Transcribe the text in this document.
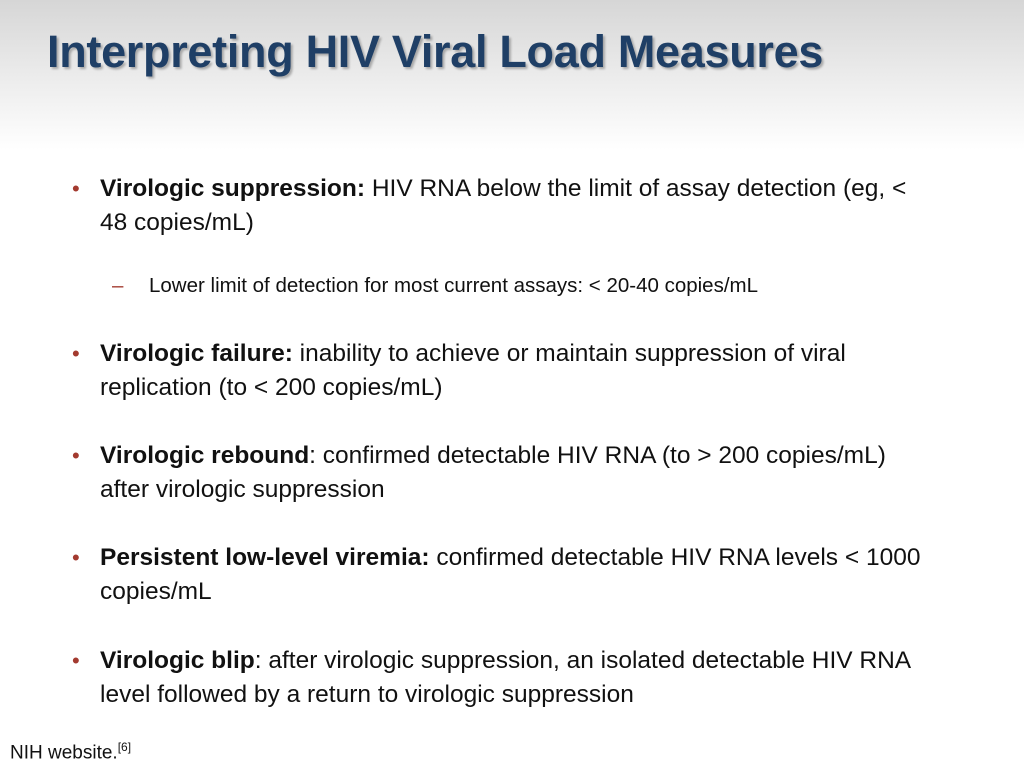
Interpreting HIV Viral Load Measures
• Virologic suppression: HIV RNA below the limit of assay detection (eg, < 48 copies/mL)
– Lower limit of detection for most current assays: < 20-40 copies/mL
• Virologic failure: inability to achieve or maintain suppression of viral replication (to < 200 copies/mL)
• Virologic rebound: confirmed detectable HIV RNA (to > 200 copies/mL) after virologic suppression
• Persistent low-level viremia: confirmed detectable HIV RNA levels < 1000 copies/mL
• Virologic blip: after virologic suppression, an isolated detectable HIV RNA level followed by a return to virologic suppression
NIH website.[6]
